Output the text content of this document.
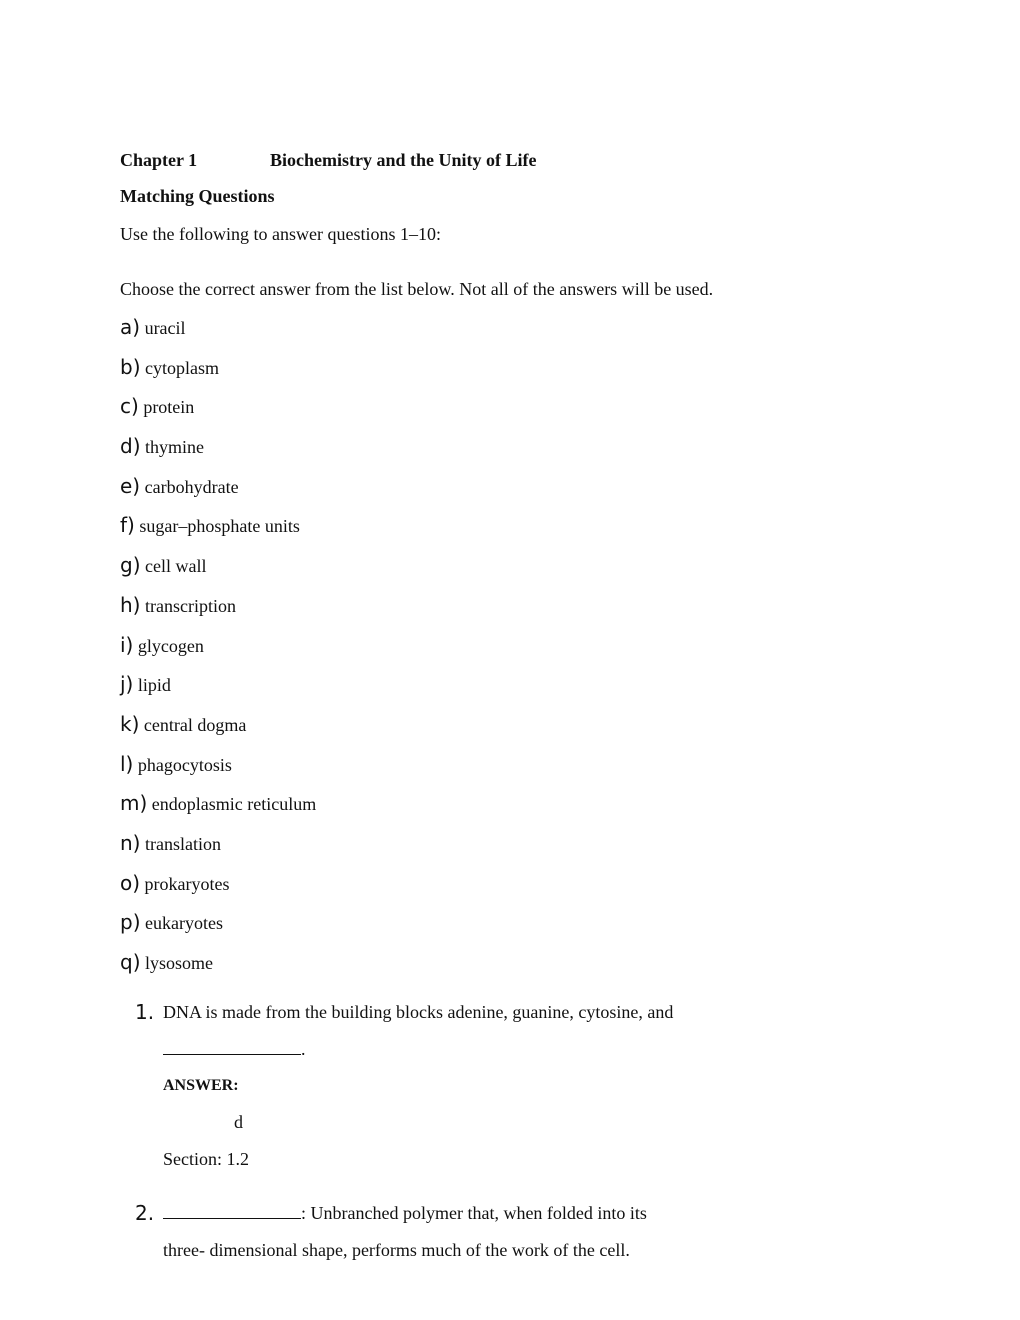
Chapter 1	Biochemistry and the Unity of Life
Matching Questions
Use the following to answer questions 1–10:
Choose the correct answer from the list below. Not all of the answers will be used.
a) uracil
b) cytoplasm
c) protein
d) thymine
e) carbohydrate
f) sugar–phosphate units
g) cell wall
h) transcription
i) glycogen
j) lipid
k) central dogma
l) phagocytosis
m) endoplasmic reticulum
n) translation
o) prokaryotes
p) eukaryotes
q) lysosome
1. DNA is made from the building blocks adenine, guanine, cytosine, and
.
ANSWER:
d
Section: 1.2
2.	: Unbranched polymer that, when folded into its
three- dimensional shape, performs much of the work of the cell.
